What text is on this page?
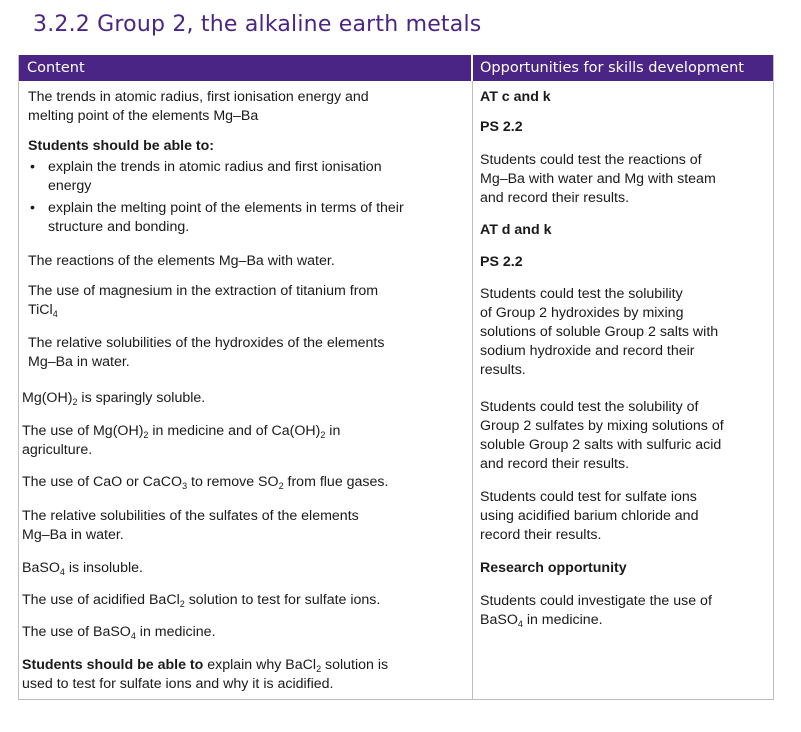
3.2.2 Group 2, the alkaline earth metals
Content	Opportunities for skills development
The trends in atomic radius, first ionisation energy and
melting point of the elements Mg–Ba
Students should be able to:
• explain the trends in atomic radius and first ionisation
energy
• explain the melting point of the elements in terms of their
structure and bonding.
The reactions of the elements Mg–Ba with water.
The use of magnesium in the extraction of titanium from
TiCl$_4$
The relative solubilities of the hydroxides of the elements
Mg–Ba in water.
$Mg(OH)_2$ is sparingly soluble.
The use of $Mg(OH)_2$ in medicine and of $Ca(OH)_2$ in
agriculture.
The use of CaO or CaCO$_3$ to remove $SO_2$ from flue gases.
The relative solubilities of the sulfates of the elements
Mg–Ba in water.
BaSO$_4$ is insoluble.
The use of acidified BaCl$_2$ solution to test for sulfate ions.
The use of BaSO$_4$ in medicine.
Students should be able to explain why BaCl$_2$ solution is
used to test for sulfate ions and why it is acidified.
AT c and k
PS 2.2
Students could test the reactions of
Mg–Ba with water and Mg with steam
and record their results.
AT d and k
PS 2.2
Students could test the solubility
of Group 2 hydroxides by mixing
solutions of soluble Group 2 salts with
sodium hydroxide and record their
results.
Students could test the solubility of
Group 2 sulfates by mixing solutions of
soluble Group 2 salts with sulfuric acid
and record their results.
Students could test for sulfate ions
using acidified barium chloride and
record their results.
Research opportunity
Students could investigate the use of
BaSO$_4$ in medicine.
